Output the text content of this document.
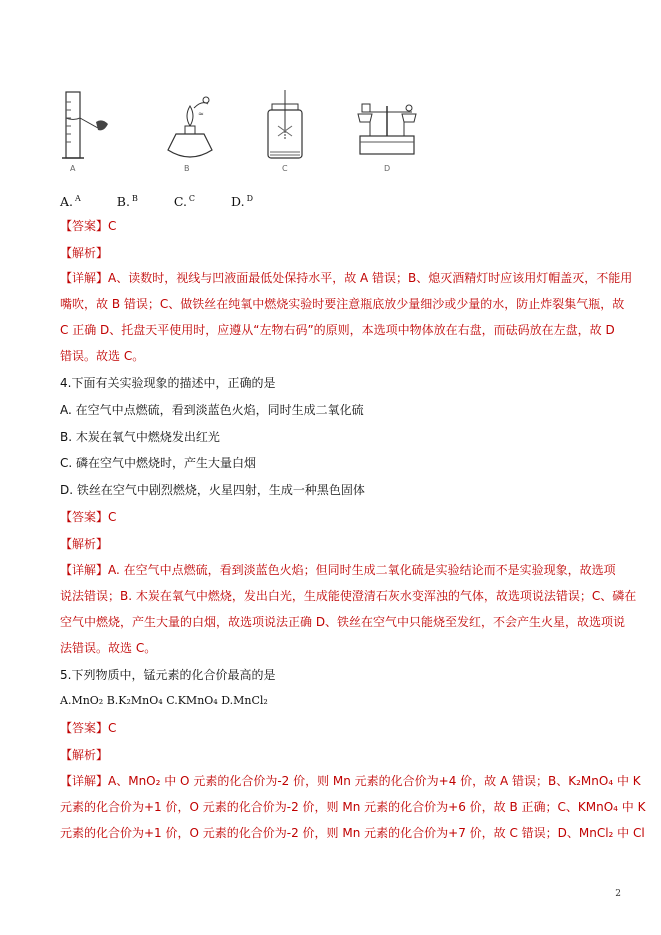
A
≈
B	C	D
A. $^A$	B. $^B$	C. $^C$	D. $^D$
【答案】C
【解析】
【详解】A、读数时，视线与凹液面最低处保持水平，故 A 错误；B、熄灭酒精灯时应该用灯帽盖灭，不能用
嘴吹，故 B 错误；C、做铁丝在纯氧中燃烧实验时要注意瓶底放少量细沙或少量的水，防止炸裂集气瓶，故
C 正确 D、托盘天平使用时，应遵从“左物右码”的原则，本选项中物体放在右盘，而砝码放在左盘，故 D
错误。故选 C。
4.下面有关实验现象的描述中，正确的是
A. 在空气中点燃硫，看到淡蓝色火焰，同时生成二氧化硫
B. 木炭在氧气中燃烧发出红光
C. 磷在空气中燃烧时，产生大量白烟
D. 铁丝在空气中剧烈燃烧，火星四射，生成一种黑色固体
【答案】C
【解析】
【详解】A. 在空气中点燃硫，看到淡蓝色火焰；但同时生成二氧化硫是实验结论而不是实验现象，故选项
说法错误；B. 木炭在氧气中燃烧，发出白光，生成能使澄清石灰水变浑浊的气体，故选项说法错误；C、磷在
空气中燃烧，产生大量的白烟，故选项说法正确 D、铁丝在空气中只能烧至发红，不会产生火星，故选项说
法错误。故选 C。
5.下列物质中，锰元素的化合价最高的是
A.MnO₂ B.K₂MnO₄ C.KMnO₄ D.MnCl₂
【答案】C
【解析】
【详解】A、MnO₂ 中 O 元素的化合价为-2 价，则 Mn 元素的化合价为+4 价，故 A 错误；B、K₂MnO₄ 中 K
元素的化合价为+1 价，O 元素的化合价为-2 价，则 Mn 元素的化合价为+6 价，故 B 正确；C、KMnO₄ 中 K
元素的化合价为+1 价，O 元素的化合价为-2 价，则 Mn 元素的化合价为+7 价，故 C 错误；D、MnCl₂ 中 Cl
2
